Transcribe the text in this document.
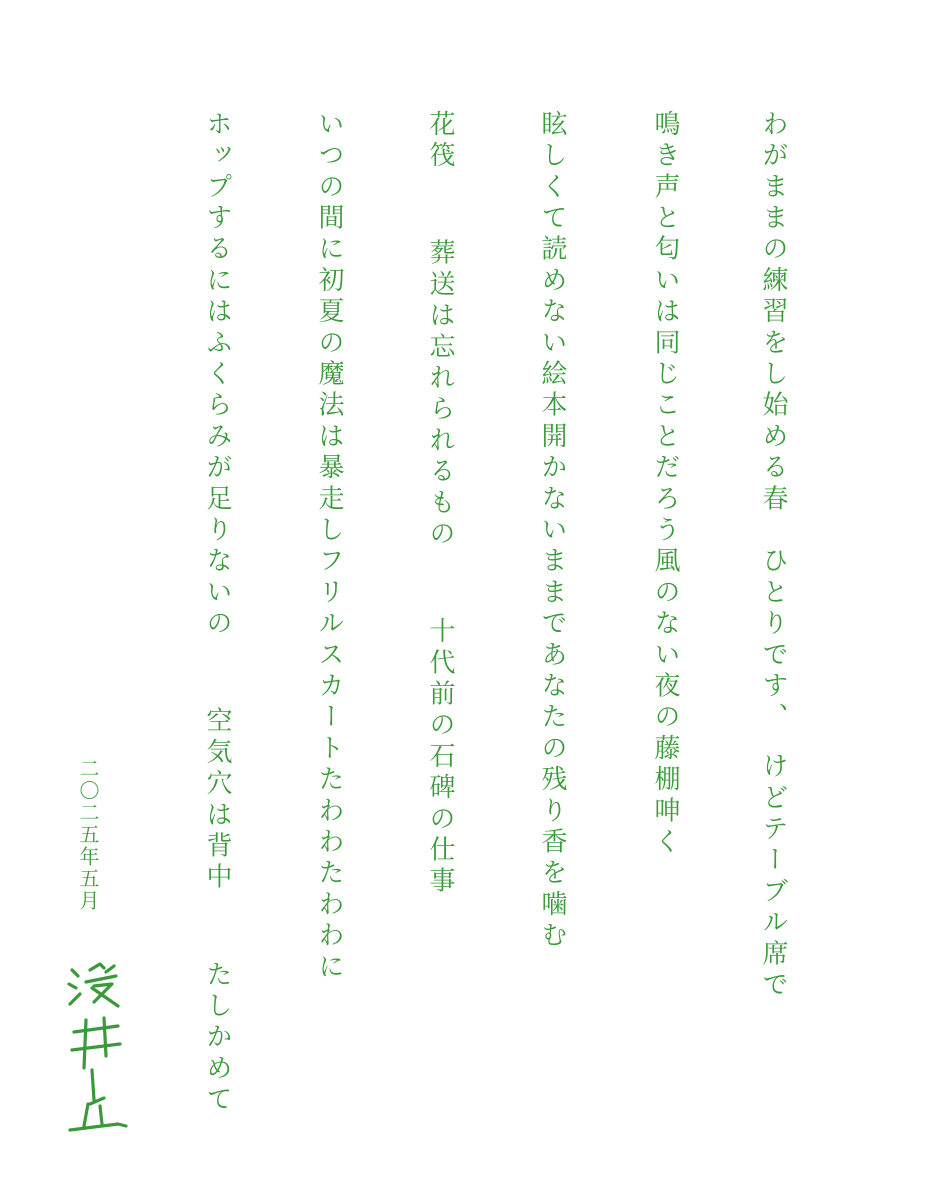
わがままの練習をし始める春　ひとりです、　けどテーブル席で
鳴き声と匂いは同じことだろう風のない夜の藤棚呻く
眩しくて読めない絵本開かないままであなたの残り香を噛む
花筏　 葬送は忘れられるもの　 十代前の石碑の仕事
いつの間に初夏の魔法は暴走しフリルスカートたわわたわわに
ホップするにはふくらみが足りないの　 空気穴は背中　 たしかめて
二〇二五年五月
